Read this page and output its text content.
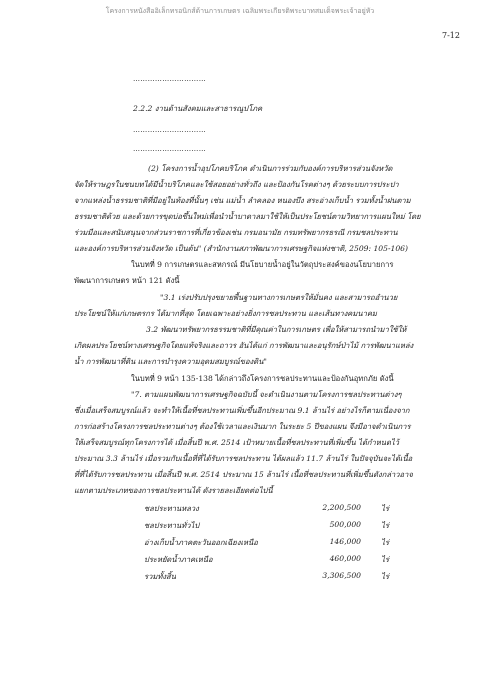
โครงการหนังสืออิเล็กทรอนิกส์ด้านการเกษตร เฉลิมพระเกียรติพระบาทสมเด็จพระเจ้าอยู่หัว
7-12
…………………………
2.2.2 งานด้านสังคมและสาธารณูปโภค
…………………………
…………………………
(2) โครงการน้ำอุปโภคบริโภค ดำเนินการร่วมกับองค์การบริหารส่วนจังหวัด
จัดให้ราษฎรในชนบทได้มีน้ำบริโภคและใช้สอยอย่างทั่วถึง และป้องกันโรคต่างๆ ด้วยระบบการประปา
จากแหล่งน้ำธรรมชาติที่มีอยู่ในท้องที่นั้นๆ เช่น แม่น้ำ ลำคลอง หนองบึง สระอ่างเก็บน้ำ รวมทั้งน้ำฝนตาม
ธรรมชาติด้วย และด้วยการขุดบ่อขึ้นใหม่เพื่อนำน้ำบาดาลมาใช้ให้เป็นประโยชน์ตามวิทยาการแผนใหม่ โดย
ร่วมมือและสนับสนุนจากส่วนราชการที่เกี่ยวข้องเช่น กรมอนามัย กรมทรัพยากรธรณี กรมชลประทาน
และองค์การบริหารส่วนจังหวัด เป็นต้น" (สำนักงานสภาพัฒนาการเศรษฐกิจแห่งชาติ, 2509: 105-106)
ในบทที่ 9 การเกษตรและสหกรณ์ มีนโยบายน้ำอยู่ในวัตถุประสงค์ของนโยบายการ
พัฒนาการเกษตร หน้า 121 ดังนี้
"3.1 เร่งปรับปรุงขยายพื้นฐานทางการเกษตรให้มั่นคง และสามารถอำนวย
ประโยชน์ให้แก่เกษตรกร ได้มากที่สุด โดยเฉพาะอย่างยิ่งการชลประทาน และเส้นทางคมนาคม
3.2 พัฒนาทรัพยากรธรรมชาติที่มีคุณค่าในการเกษตร เพื่อให้สามารถนำมาใช้ให้
เกิดผลประโยชน์ทางเศรษฐกิจโดยแท้จริงและถาวร อันได้แก่ การพัฒนาและอนุรักษ์ป่าไม้ การพัฒนาแหล่ง
น้ำ การพัฒนาที่ดิน และการบำรุงความอุดมสมบูรณ์ของดิน"
ในบทที่ 9 หน้า 135-138 ได้กล่าวถึงโครงการชลประทานและป้องกันอุทกภัย ดังนี้
"7. ตามแผนพัฒนาการเศรษฐกิจฉบับนี้ จะดำเนินงานตามโครงการชลประทานต่างๆ
ซึ่งเมื่อเสร็จสมบูรณ์แล้ว จะทำให้เนื้อที่ชลประทานเพิ่มขึ้นอีกประมาณ 9.1 ล้านไร่ อย่างไรก็ตามเนื่องจาก
การก่อสร้างโครงการชลประทานต่างๆ ต้องใช้เวลาและเงินมาก ในระยะ 5 ปีของแผน จึงมีอาจดำเนินการ
ให้เสร็จสมบูรณ์ทุกโครงการได้ เมื่อสิ้นปี พ.ศ. 2514 เป้าหมายเนื้อที่ชลประทานที่เพิ่มขึ้น ได้กำหนดไว้
ประมาณ 3.3 ล้านไร่ เมื่อรวมกับเนื้อที่ที่ได้รับการชลประทาน ได้ผลแล้ว 11.7 ล้านไร่ ในปัจจุบันจะได้เนื้อ
ที่ที่ได้รับการชลประทาน เมื่อสิ้นปี พ.ศ. 2514 ประมาณ 15 ล้านไร่ เนื้อที่ชลประทานที่เพิ่มขึ้นดังกล่าวอาจ
แยกตามประเภทของการชลประทานได้ ดังรายละเอียดต่อไปนี้
ชลประทานหลวง	2,200,500	ไร่
ชลประทานทั่วไป	500,000	ไร่
อ่างเก็บน้ำภาคตะวันออกเฉียงเหนือ	146,000	ไร่
ประหยัดน้ำภาคเหนือ	460,000	ไร่
รวมทั้งสิ้น	3,306,500	ไร่
